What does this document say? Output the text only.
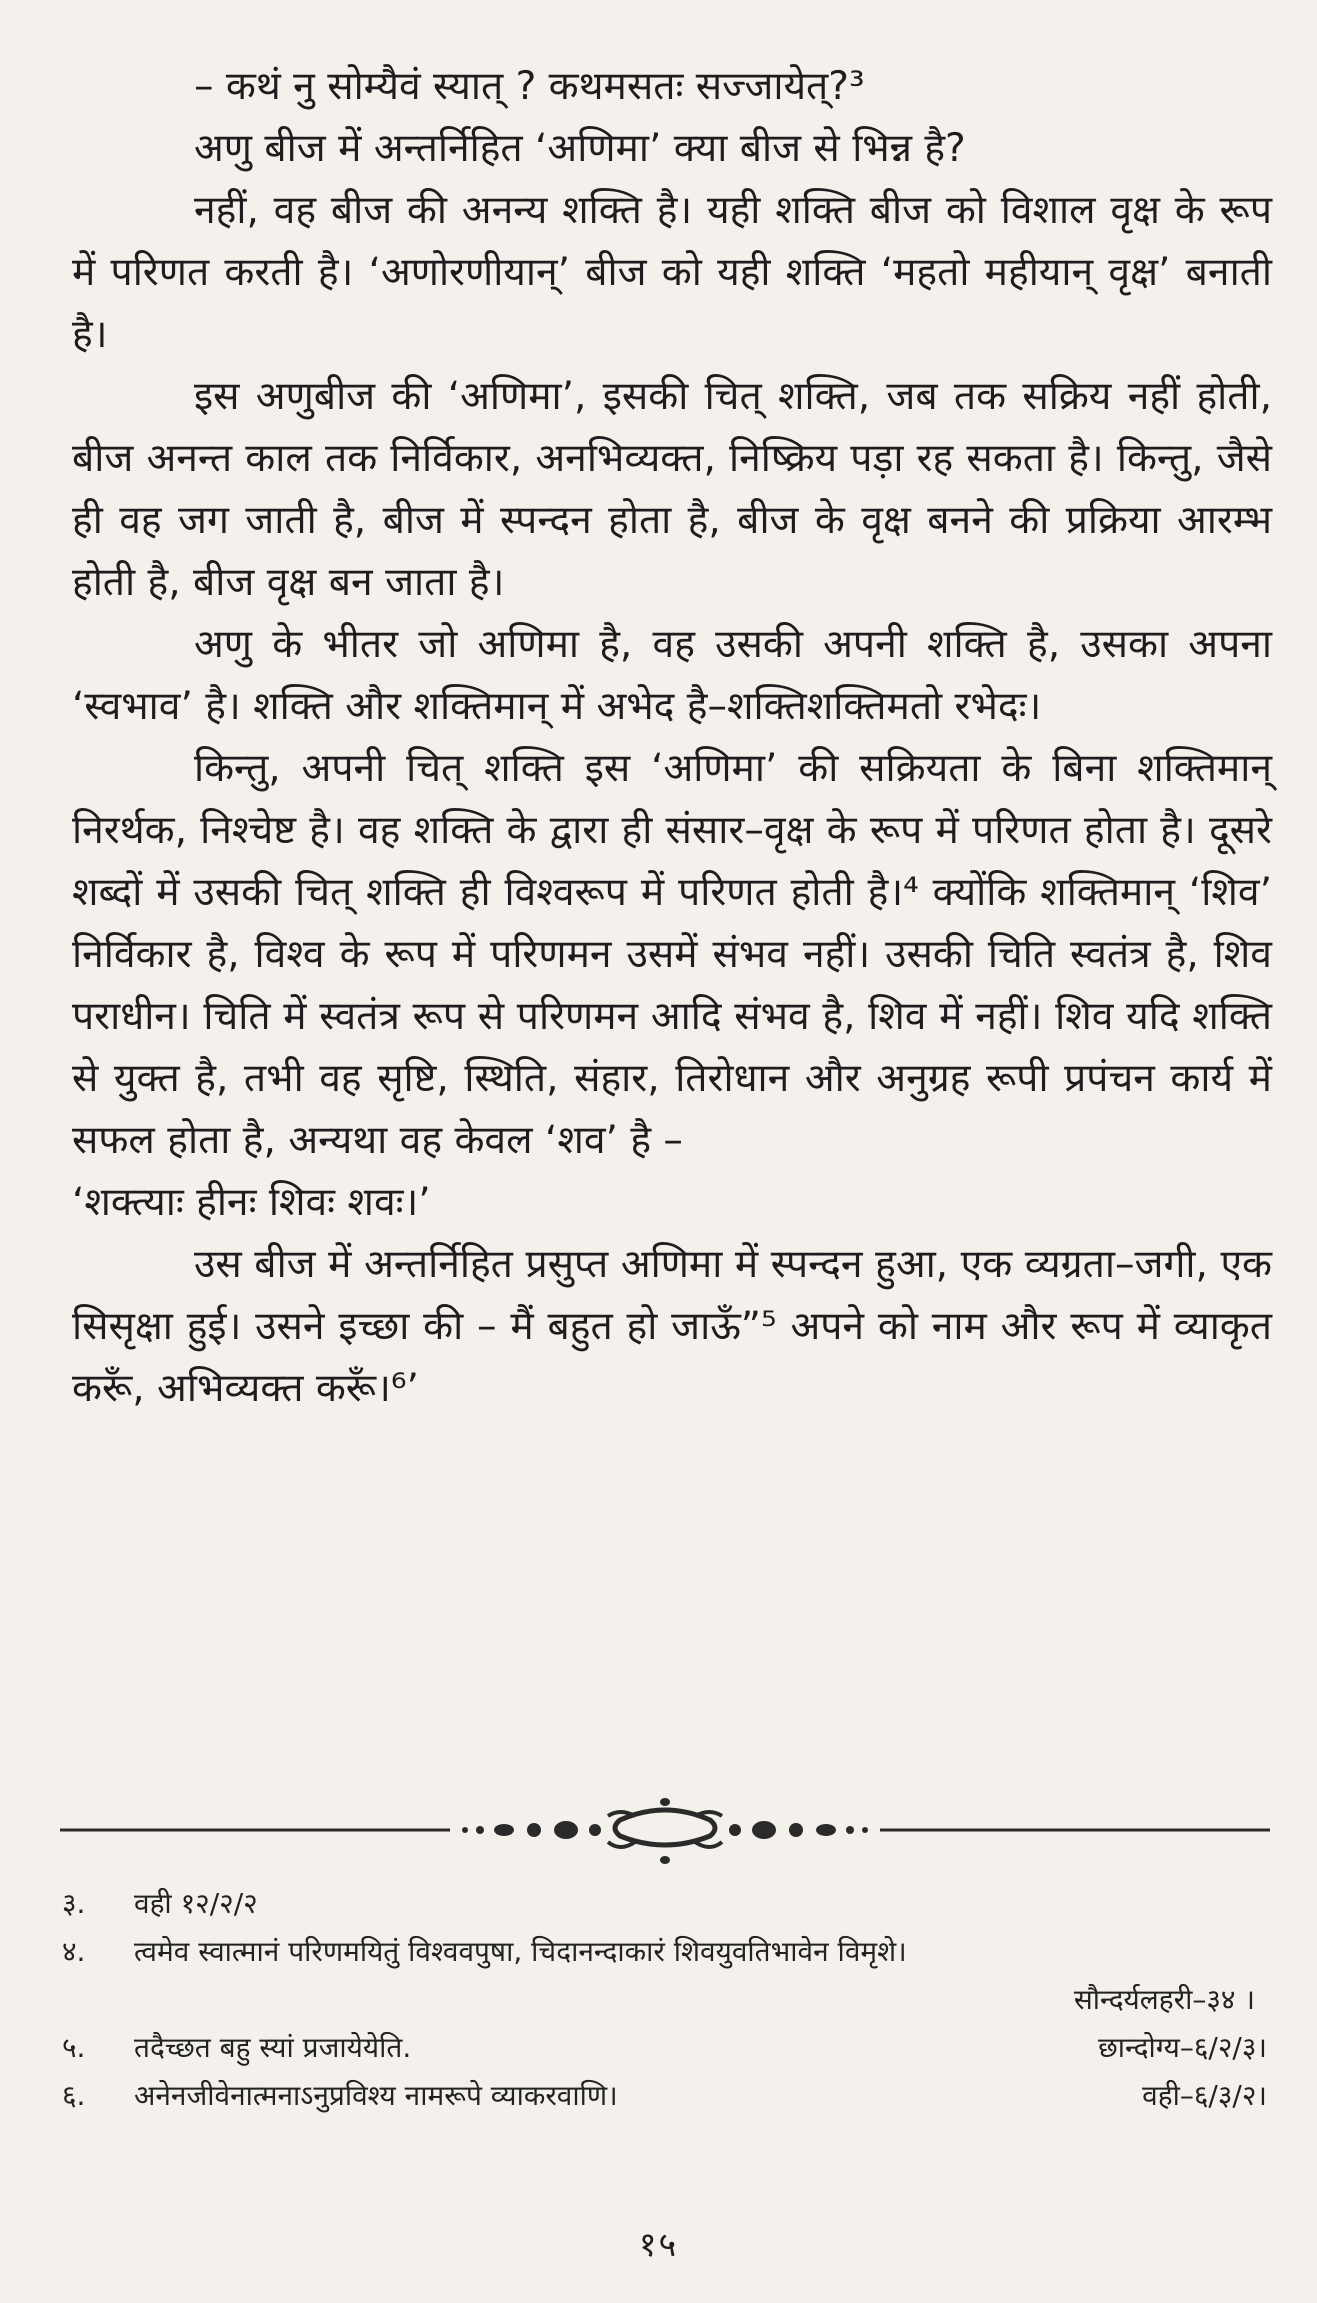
– कथं नु सोम्यैवं स्यात् ? कथमसतः सज्जायेत्?³

अणु बीज में अन्तर्निहित ‘अणिमा’ क्या बीज से भिन्न है?

नहीं, वह बीज की अनन्य शक्ति है। यही शक्ति बीज को विशाल वृक्ष के रूप में परिणत करती है। ‘अणोरणीयान्’ बीज को यही शक्ति ‘महतो महीयान् वृक्ष’ बनाती है।

इस अणुबीज की ‘अणिमा’, इसकी चित् शक्ति, जब तक सक्रिय नहीं होती, बीज अनन्त काल तक निर्विकार, अनभिव्यक्त, निष्क्रिय पड़ा रह सकता है। किन्तु, जैसे ही वह जग जाती है, बीज में स्पन्दन होता है, बीज के वृक्ष बनने की प्रक्रिया आरम्भ होती है, बीज वृक्ष बन जाता है।

अणु के भीतर जो अणिमा है, वह उसकी अपनी शक्ति है, उसका अपना ‘स्वभाव’ है। शक्ति और शक्तिमान् में अभेद है–शक्तिशक्तिमतो रभेदः।

किन्तु, अपनी चित् शक्ति इस ‘अणिमा’ की सक्रियता के बिना शक्तिमान् निरर्थक, निश्चेष्ट है। वह शक्ति के द्वारा ही संसार–वृक्ष के रूप में परिणत होता है। दूसरे शब्दों में उसकी चित् शक्ति ही विश्वरूप में परिणत होती है।⁴ क्योंकि शक्तिमान् ‘शिव’ निर्विकार है, विश्व के रूप में परिणमन उसमें संभव नहीं। उसकी चिति स्वतंत्र है, शिव पराधीन। चिति में स्वतंत्र रूप से परिणमन आदि संभव है, शिव में नहीं। शिव यदि शक्ति से युक्त है, तभी वह सृष्टि, स्थिति, संहार, तिरोधान और अनुग्रह रूपी प्रपंचन कार्य में सफल होता है, अन्यथा वह केवल ‘शव’ है –

‘शक्त्याः हीनः शिवः शवः।’

उस बीज में अन्तर्निहित प्रसुप्त अणिमा में स्पन्दन हुआ, एक व्यग्रता–जगी, एक सिसृक्षा हुई। उसने इच्छा की – मैं बहुत हो जाऊँ”⁵ अपने को नाम और रूप में व्याकृत करूँ, अभिव्यक्त करूँ।⁶’

३.	वही १२/२/२
४.	त्वमेव स्वात्मानं परिणमयितुं विश्ववपुषा, चिदानन्दाकारं शिवयुवतिभावेन विमृशे।
सौन्दर्यलहरी–३४ ।
५.	तदैच्छत बहु स्यां प्रजायेयेति.	छान्दोग्य–६/२/३।
६.	अनेनजीवेनात्मनाऽनुप्रविश्य नामरूपे व्याकरवाणि।	वही–६/३/२।
१५
